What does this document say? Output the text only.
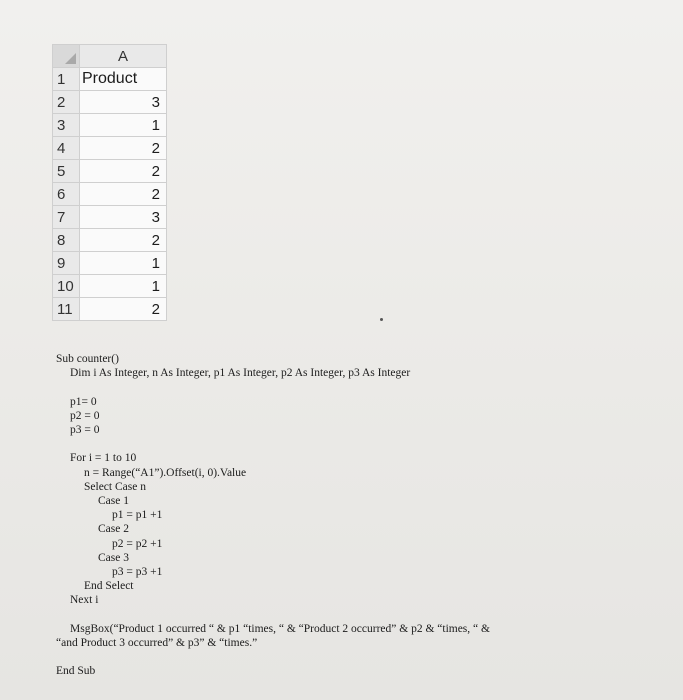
	A
1	Product
2	3
3	1
4	2
5	2
6	2
7	3
8	2
9	1
10	1
11	2
Sub counter()
Dim i As Integer, n As Integer, p1 As Integer, p2 As Integer, p3 As Integer

p1= 0
p2 = 0
p3 = 0

For i = 1 to 10
n = Range(“A1”).Offset(i, 0).Value
Select Case n
Case 1
p1 = p1 +1
Case 2
p2 = p2 +1
Case 3
p3 = p3 +1
End Select
Next i

MsgBox(“Product 1 occurred “ & p1 “times, “ & “Product 2 occurred” & p2 & “times, “ &
“and Product 3 occurred” & p3” & “times.”

End Sub
